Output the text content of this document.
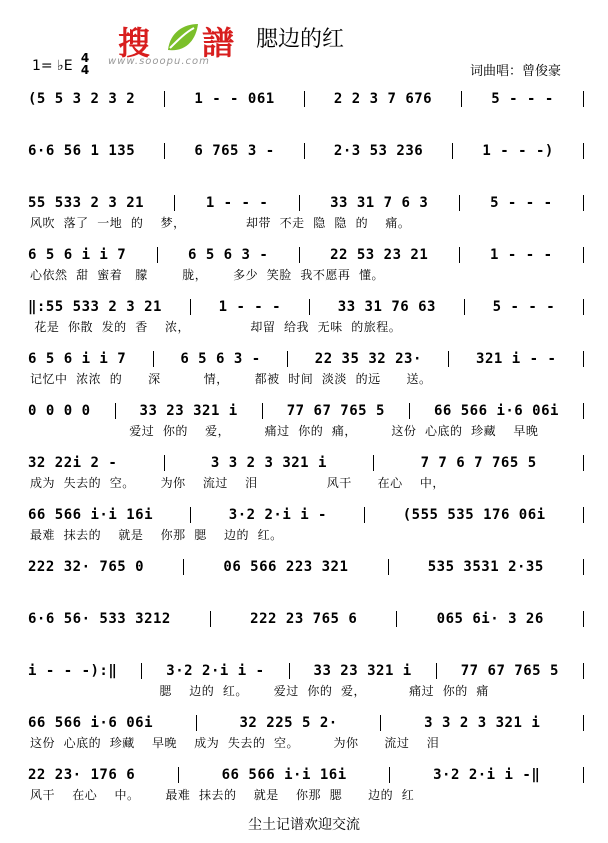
搜 譜
www.sooopu.com
腮边的红
1= ♭E 4
4	词曲唱：曾俊豪
(5 5 3 2 3 2	1 - - 061	2 2 3 7 676	5 - - -
6·6 56 1 135	6 765 3 -	2·3 53 236	1 - - -)
55 533 2 3 21	1 - - -	33 31 7 6 3	5 - - -
风吹  落了  一地  的    梦，              却带  不走  隐  隐  的    痛。
6 5 6 i i 7	6 5 6 3 -	22 53 23 21	1 - - -
心依然  甜  蜜着   朦        胧，      多少  笑脸  我不愿再  懂。
‖:55 533 2 3 21	1 - - -	33 31 76 63	5 - - -
花是  你散  发的  香    浓，              却留  给我  无味  的旅程。
6 5 6 i i 7	6 5 6 3 -	22 35 32 23·	321 i - -
记忆中  浓浓  的      深          情，      都被  时间  淡淡  的远      送。
0 0 0 0	33 23 321 i	77 67 765 5	66 566 i·6 06i
爱过  你的    爱，        痛过  你的  痛，        这份  心底的  珍藏    早晚
32 22i 2 -	3 3 2 3 321 i	7 7 6 7 765 5
成为  失去的  空。      为你    流过    泪                风干      在心    中，
66 566 i·i 16i	3·2 2·i i -	(555 535 176 06i
最难  抹去的    就是    你那  腮    边的  红。
222 32· 765 0	06 566 223 321	535 3531 2·35
6·6 56· 533 3212	222 23 765 6	065 6i· 3 26
i - - -):‖	3·2 2·i i -	33 23 321 i	77 67 765 5
腮    边的  红。      爱过  你的  爱，          痛过  你的  痛
66 566 i·6 06i	32 225 5 2·	3 3 2 3 321 i
这份  心底的  珍藏    早晚    成为  失去的  空。        为你      流过    泪
22 23· 176 6	66 566 i·i 16i	3·2 2·i i -‖
风干    在心    中。      最难  抹去的    就是    你那  腮      边的  红
尘土记谱欢迎交流
